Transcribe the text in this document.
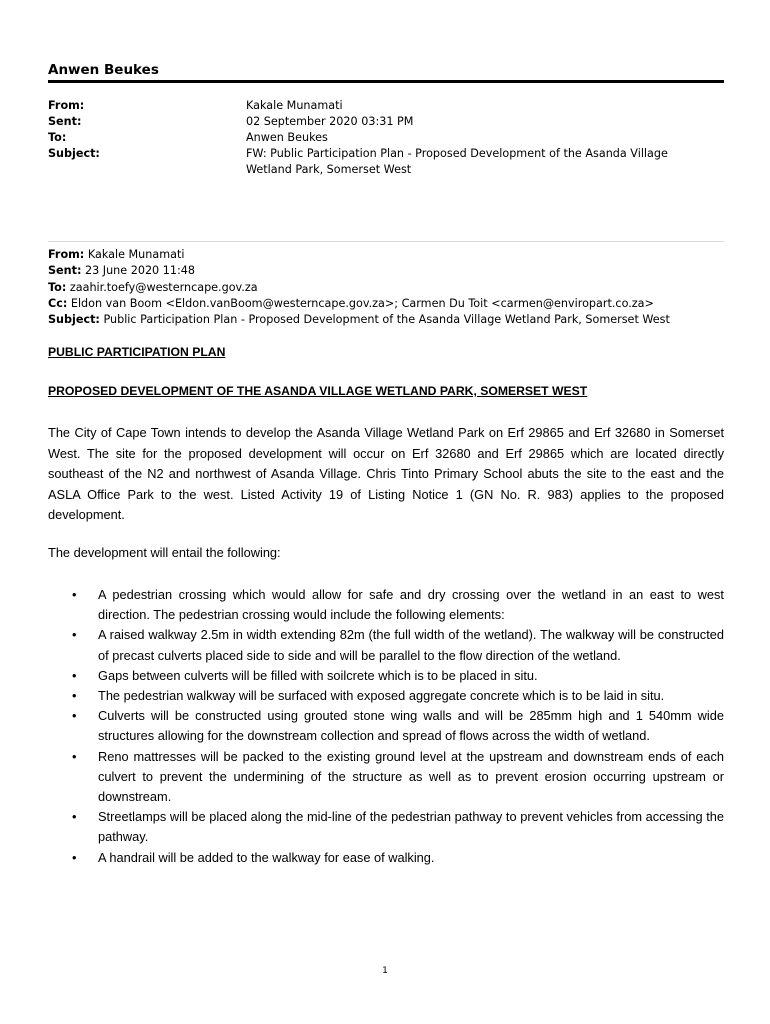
Anwen Beukes
From:	Kakale Munamati
Sent:	02 September 2020 03:31 PM
To:	Anwen Beukes
Subject:	FW: Public Participation Plan - Proposed Development of the Asanda Village Wetland Park, Somerset West
From: Kakale Munamati
Sent: 23 June 2020 11:48
To: zaahir.toefy@westerncape.gov.za
Cc: Eldon van Boom <Eldon.vanBoom@westerncape.gov.za>; Carmen Du Toit <carmen@enviropart.co.za>
Subject: Public Participation Plan - Proposed Development of the Asanda Village Wetland Park, Somerset West
PUBLIC PARTICIPATION PLAN
PROPOSED DEVELOPMENT OF THE ASANDA VILLAGE WETLAND PARK, SOMERSET WEST
The City of Cape Town intends to develop the Asanda Village Wetland Park on Erf 29865 and Erf 32680 in Somerset West. The site for the proposed development will occur on Erf 32680 and Erf 29865 which are located directly southeast of the N2 and northwest of Asanda Village. Chris Tinto Primary School abuts the site to the east and the ASLA Office Park to the west. Listed Activity 19 of Listing Notice 1 (GN No. R. 983) applies to the proposed development.
The development will entail the following:
•	A pedestrian crossing which would allow for safe and dry crossing over the wetland in an east to west direction. The pedestrian crossing would include the following elements:
•	A raised walkway 2.5m in width extending 82m (the full width of the wetland). The walkway will be constructed of precast culverts placed side to side and will be parallel to the flow direction of the wetland.
•	Gaps between culverts will be filled with soilcrete which is to be placed in situ.
•	The pedestrian walkway will be surfaced with exposed aggregate concrete which is to be laid in situ.
•	Culverts will be constructed using grouted stone wing walls and will be 285mm high and 1 540mm wide structures allowing for the downstream collection and spread of flows across the width of wetland.
•	Reno mattresses will be packed to the existing ground level at the upstream and downstream ends of each culvert to prevent the undermining of the structure as well as to prevent erosion occurring upstream or downstream.
•	Streetlamps will be placed along the mid-line of the pedestrian pathway to prevent vehicles from accessing the pathway.
•	A handrail will be added to the walkway for ease of walking.
1
